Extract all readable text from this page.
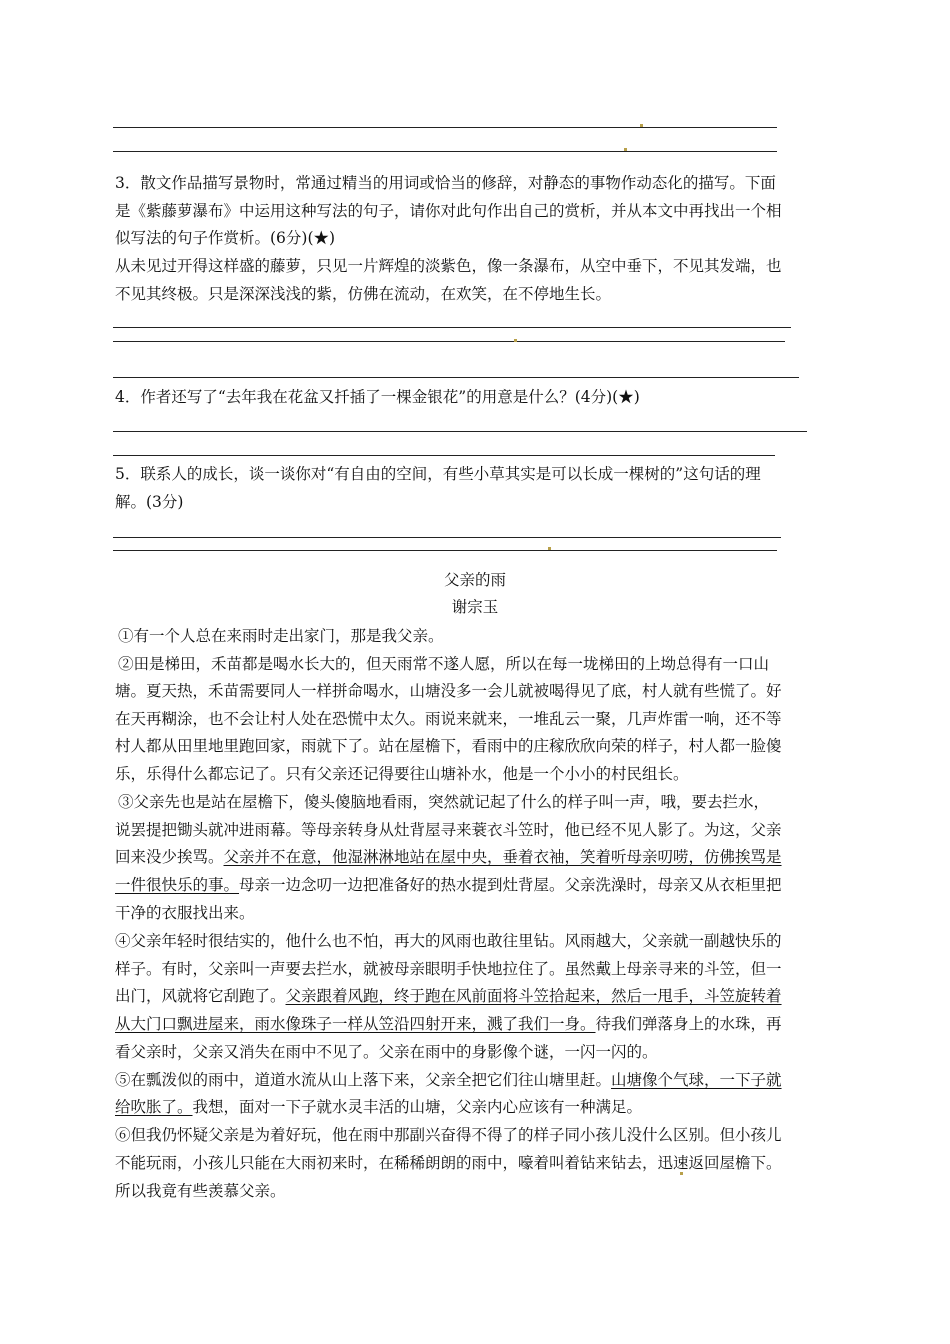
3．散文作品描写景物时，常通过精当的用词或恰当的修辞，对静态的事物作动态化的描写。下面
是《紫藤萝瀑布》中运用这种写法的句子，请你对此句作出自己的赏析，并从本文中再找出一个相
似写法的句子作赏析。(6分)(★)
从未见过开得这样盛的藤萝，只见一片辉煌的淡紫色，像一条瀑布，从空中垂下，不见其发端，也
不见其终极。只是深深浅浅的紫，仿佛在流动，在欢笑，在不停地生长。
4．作者还写了“去年我在花盆又扦插了一棵金银花”的用意是什么？(4分)(★)
5．联系人的成长，谈一谈你对“有自由的空间，有些小草其实是可以长成一棵树的”这句话的理
解。(3分)
父亲的雨
谢宗玉
①有一个人总在来雨时走出家门，那是我父亲。
②田是梯田，禾苗都是喝水长大的，但天雨常不遂人愿，所以在每一垅梯田的上坳总得有一口山
塘。夏天热，禾苗需要同人一样拼命喝水，山塘没多一会儿就被喝得见了底，村人就有些慌了。好
在天再糊涂，也不会让村人处在恐慌中太久。雨说来就来，一堆乱云一聚，几声炸雷一响，还不等
村人都从田里地里跑回家，雨就下了。站在屋檐下，看雨中的庄稼欣欣向荣的样子，村人都一脸傻
乐，乐得什么都忘记了。只有父亲还记得要往山塘补水，他是一个小小的村民组长。
③父亲先也是站在屋檐下，傻头傻脑地看雨，突然就记起了什么的样子叫一声，哦，要去拦水，
说罢提把锄头就冲进雨幕。等母亲转身从灶背屋寻来蓑衣斗笠时，他已经不见人影了。为这，父亲
回来没少挨骂。父亲并不在意，他湿淋淋地站在屋中央，垂着衣袖，笑着听母亲叨唠，仿佛挨骂是
一件很快乐的事。母亲一边念叨一边把准备好的热水提到灶背屋。父亲洗澡时，母亲又从衣柜里把
干净的衣服找出来。
④父亲年轻时很结实的，他什么也不怕，再大的风雨也敢往里钻。风雨越大，父亲就一副越快乐的
样子。有时，父亲叫一声要去拦水，就被母亲眼明手快地拉住了。虽然戴上母亲寻来的斗笠，但一
出门，风就将它刮跑了。父亲跟着风跑，终于跑在风前面将斗笠拾起来，然后一甩手，斗笠旋转着
从大门口飘进屋来，雨水像珠子一样从笠沿四射开来，溅了我们一身。待我们弹落身上的水珠，再
看父亲时，父亲又消失在雨中不见了。父亲在雨中的身影像个谜，一闪一闪的。
⑤在瓢泼似的雨中，道道水流从山上落下来，父亲全把它们往山塘里赶。山塘像个气球，一下子就
给吹胀了。我想，面对一下子就水灵丰活的山塘，父亲内心应该有一种满足。
⑥但我仍怀疑父亲是为着好玩，他在雨中那副兴奋得不得了的样子同小孩儿没什么区别。但小孩儿
不能玩雨，小孩儿只能在大雨初来时，在稀稀朗朗的雨中，嚎着叫着钻来钻去，迅速返回屋檐下。
所以我竟有些羡慕父亲。
